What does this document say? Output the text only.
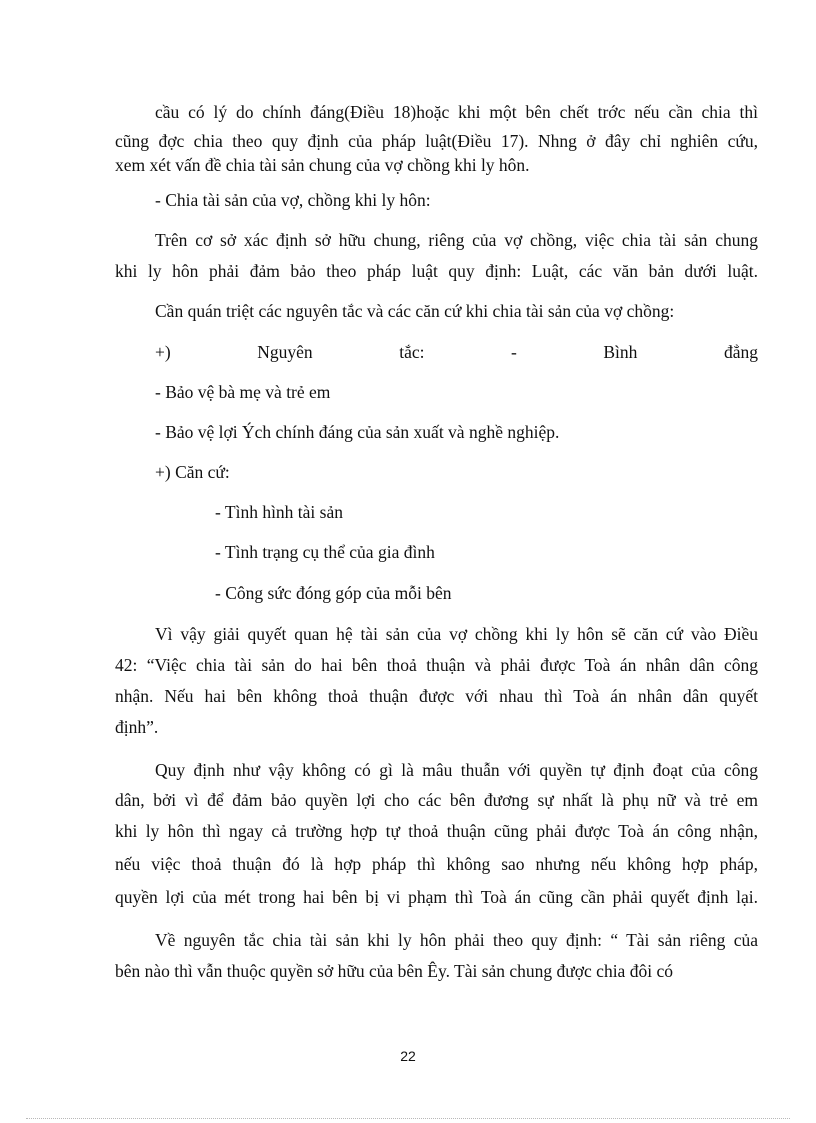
cầu có lý do chính đáng(Điều 18)hoặc khi một bên chết trớc nếu cần chia thì
cũng đợc chia theo quy định của pháp luật(Điều 17). Nhng ở đây chỉ nghiên cứu,
xem xét vấn đề chia tài sản chung của vợ chồng khi ly hôn.
- Chia tài sản của vợ, chồng khi ly hôn:
Trên cơ sở xác định sở hữu chung, riêng của vợ chồng, việc chia tài sản chung
khi ly hôn phải đảm bảo theo pháp luật quy định: Luật, các văn bản dưới luật.
Cần quán triệt các nguyên tắc và các căn cứ khi chia tài sản của vợ chồng:
+) Nguyên tắc: - Bình đẳng
- Bảo vệ bà mẹ và trẻ em
- Bảo vệ lợi Ých chính đáng của sản xuất và nghề nghiệp.
+) Căn cứ:
- Tình hình tài sản
- Tình trạng cụ thể của gia đình
- Công sức đóng góp của mỗi bên
Vì vậy giải quyết quan hệ tài sản của vợ chồng khi ly hôn sẽ căn cứ vào Điều
42: “Việc chia tài sản do hai bên thoả thuận và phải được Toà án nhân dân công
nhận. Nếu hai bên không thoả thuận được với nhau thì Toà án nhân dân quyết
định”.
Quy định như vậy không có gì là mâu thuẫn với quyền tự định đoạt của công
dân, bởi vì để đảm bảo quyền lợi cho các bên đương sự nhất là phụ nữ và trẻ em
khi ly hôn thì ngay cả trường hợp tự thoả thuận cũng phải được Toà án công nhận,
nếu việc thoả thuận đó là hợp pháp thì không sao nhưng nếu không hợp pháp,
quyền lợi của mét trong hai bên bị vi phạm thì Toà án cũng cần phải quyết định lại.
Về nguyên tắc chia tài sản khi ly hôn phải theo quy định: “ Tài sản riêng của
bên nào thì vẫn thuộc quyền sở hữu của bên Êy. Tài sản chung được chia đôi có
22
